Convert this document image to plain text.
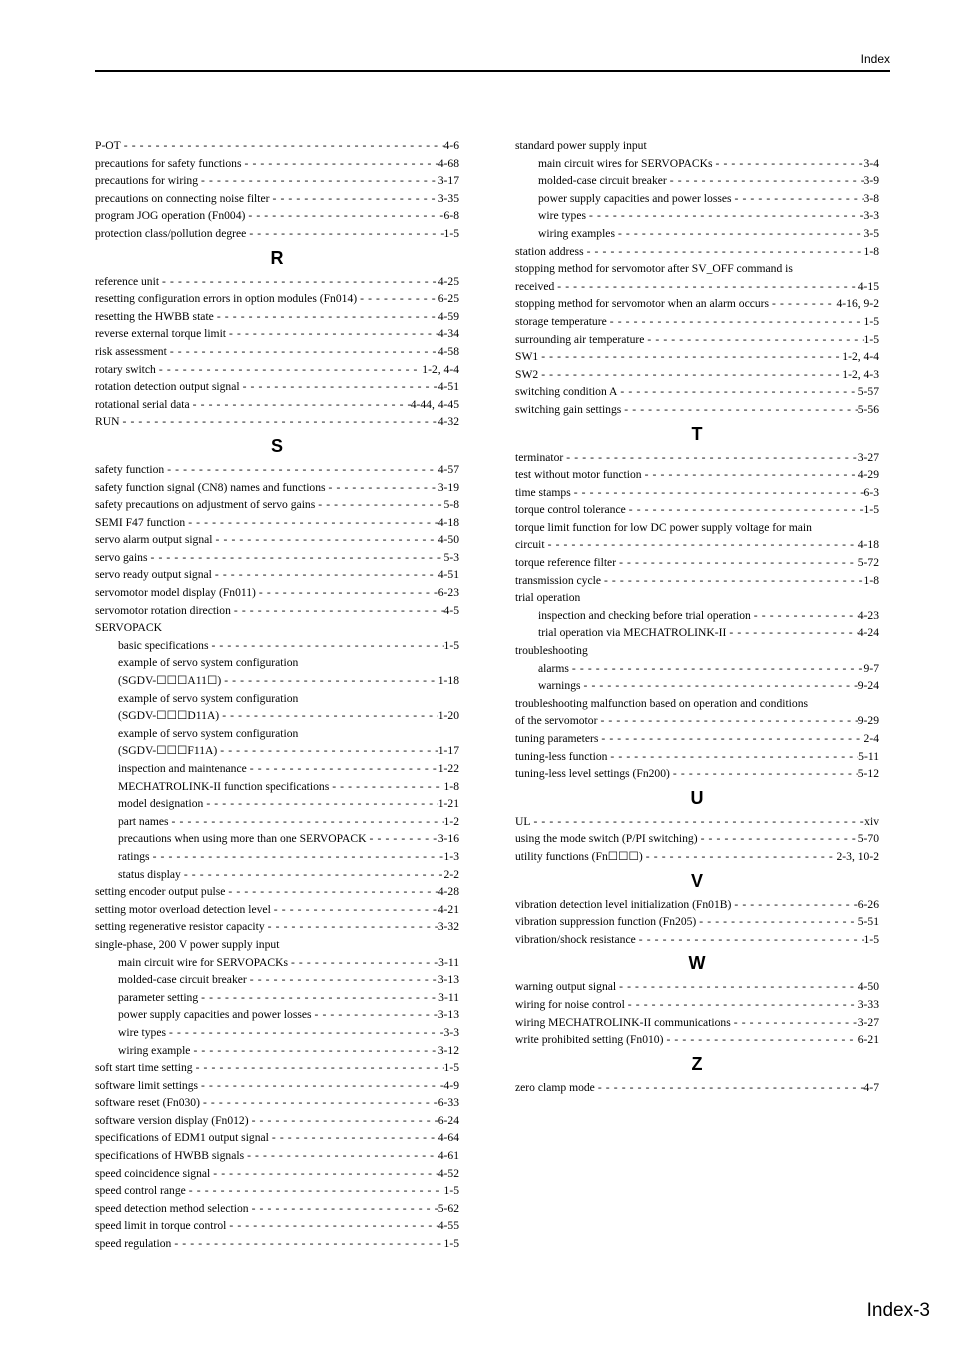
Index
P-OT - - -	4-6
precautions for safety functions - - -	4-68
precautions for wiring - - -	3-17
precautions on connecting noise filter - - -	3-35
program JOG operation (Fn004) - - -	6-8
protection class/pollution degree - - -	1-5
R
reference unit - - -	4-25
resetting configuration errors in option modules (Fn014) - - -	6-25
resetting the HWBB state - - -	4-59
reverse external torque limit - - -	4-34
risk assessment - - -	4-58
rotary switch - - -	1-2, 4-4
rotation detection output signal - - -	4-51
rotational serial data - - -	4-44, 4-45
RUN - - -	4-32
S
safety function - - -	4-57
safety function signal (CN8) names and functions - - -	3-19
safety precautions on adjustment of servo gains - - -	5-8
SEMI F47 function - - -	4-18
servo alarm output signal - - -	4-50
servo gains - - -	5-3
servo ready output signal - - -	4-51
servomotor model display (Fn011) - - -	6-23
servomotor rotation direction - - -	4-5
SERVOPACK
basic specifications - - -	1-5
example of servo system configuration
(SGDV-☐☐☐A11☐) - - -	1-18
example of servo system configuration
(SGDV-☐☐☐D11A) - - -	1-20
example of servo system configuration
(SGDV-☐☐☐F11A) - - -	1-17
inspection and maintenance - - -	1-22
MECHATROLINK-II function specifications - - -	1-8
model designation - - -	1-21
part names - - -	1-2
precautions when using more than one SERVOPACK - - -	3-16
ratings - - -	1-3
status display - - -	2-2
setting encoder output pulse - - -	4-28
setting motor overload detection level - - -	4-21
setting regenerative resistor capacity - - -	3-32
single-phase, 200 V power supply input
main circuit wire for SERVOPACKs - - -	3-11
molded-case circuit breaker - - -	3-13
parameter setting - - -	3-11
power supply capacities and power losses - - -	3-13
wire types - - -	3-3
wiring example - - -	3-12
soft start time setting - - -	1-5
software limit settings - - -	4-9
software reset (Fn030) - - -	6-33
software version display (Fn012) - - -	6-24
specifications of EDM1 output signal - - -	4-64
specifications of HWBB signals - - -	4-61
speed coincidence signal - - -	4-52
speed control range - - -	1-5
speed detection method selection - - -	5-62
speed limit in torque control - - -	4-55
speed regulation - - -	1-5
standard power supply input
main circuit wires for SERVOPACKs - - -	3-4
molded-case circuit breaker - - -	3-9
power supply capacities and power losses - - -	3-8
wire types - - -	3-3
wiring examples - - -	3-5
station address - - -	1-8
stopping method for servomotor after SV_OFF command is
received - - -	4-15
stopping method for servomotor when an alarm occurs - - -	4-16, 9-2
storage temperature - - -	1-5
surrounding air temperature - - -	1-5
SW1 - - -	1-2, 4-4
SW2 - - -	1-2, 4-3
switching condition A - - -	5-57
switching gain settings - - -	5-56
T
terminator - - -	3-27
test without motor function - - -	4-29
time stamps - - -	6-3
torque control tolerance - - -	1-5
torque limit function for low DC power supply voltage for main
circuit - - -	4-18
torque reference filter - - -	5-72
transmission cycle - - -	1-8
trial operation
inspection and checking before trial operation - - -	4-23
trial operation via MECHATROLINK-II - - -	4-24
troubleshooting
alarms - - -	9-7
warnings - - -	9-24
troubleshooting malfunction based on operation and conditions
of the servomotor - - -	9-29
tuning parameters - - -	2-4
tuning-less function - - -	5-11
tuning-less level settings (Fn200) - - -	5-12
U
UL - - -	xiv
using the mode switch (P/PI switching) - - -	5-70
utility functions (Fn☐☐☐) - - -	2-3, 10-2
V
vibration detection level initialization (Fn01B) - - -	6-26
vibration suppression function (Fn205) - - -	5-51
vibration/shock resistance - - -	1-5
W
warning output signal - - -	4-50
wiring for noise control - - -	3-33
wiring MECHATROLINK-II communications - - -	3-27
write prohibited setting (Fn010) - - -	6-21
Z
zero clamp mode - - -	4-7
Index-3
